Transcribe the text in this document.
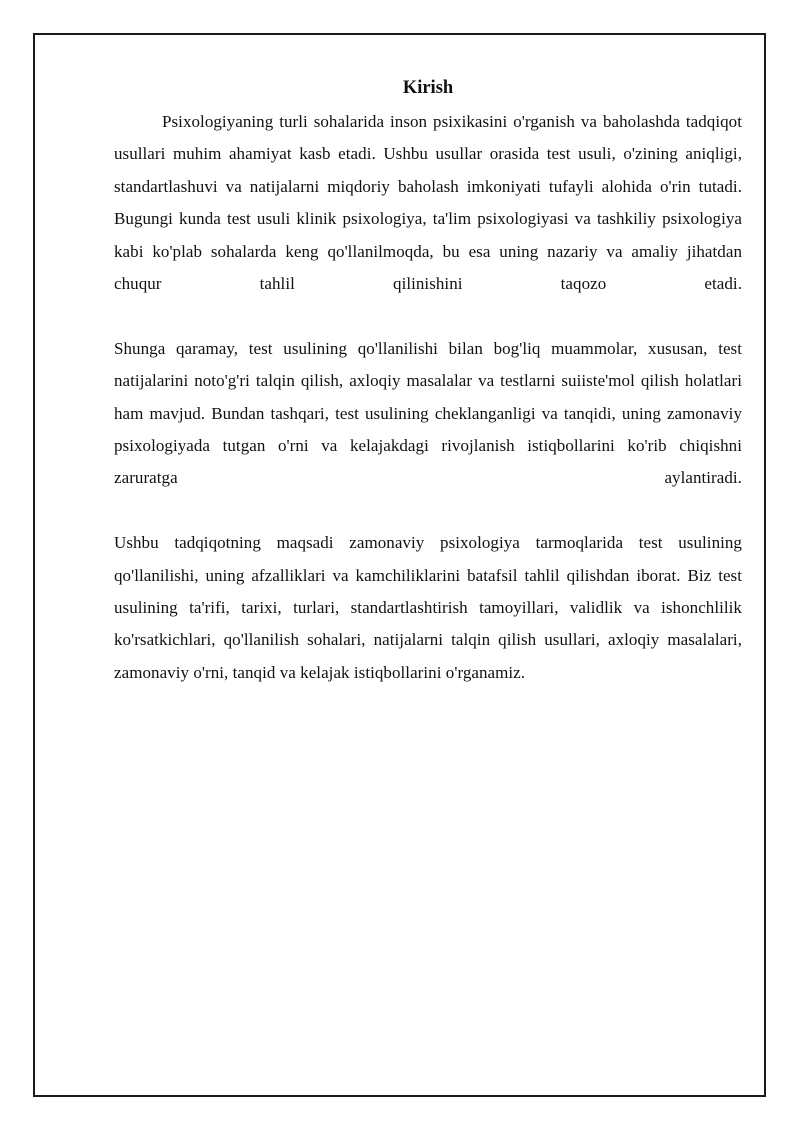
Kirish

Psixologiyaning turli sohalarida inson psixikasini o'rganish va baholashda tadqiqot usullari muhim ahamiyat kasb etadi. Ushbu usullar orasida test usuli, o'zining aniqligi, standartlashuvi va natijalarni miqdoriy baholash imkoniyati tufayli alohida o'rin tutadi. Bugungi kunda test usuli klinik psixologiya, ta'lim psixologiyasi va tashkiliy psixologiya kabi ko'plab sohalarda keng qo'llanilmoqda, bu esa uning nazariy va amaliy jihatdan chuqur tahlil qilinishini taqozo etadi.

Shunga qaramay, test usulining qo'llanilishi bilan bog'liq muammolar, xususan, test natijalarini noto'g'ri talqin qilish, axloqiy masalalar va testlarni suiiste'mol qilish holatlari ham mavjud. Bundan tashqari, test usulining cheklanganligi va tanqidi, uning zamonaviy psixologiyada tutgan o'rni va kelajakdagi rivojlanish istiqbollarini ko'rib chiqishni zaruratga aylantiradi.

Ushbu tadqiqotning maqsadi zamonaviy psixologiya tarmoqlarida test usulining qo'llanilishi, uning afzalliklari va kamchiliklarini batafsil tahlil qilishdan iborat. Biz test usulining ta'rifi, tarixi, turlari, standartlashtirish tamoyillari, validlik va ishonchlilik ko'rsatkichlari, qo'llanilish sohalari, natijalarni talqin qilish usullari, axloqiy masalalari, zamonaviy o'rni, tanqid va kelajak istiqbollarini o'rganamiz.
